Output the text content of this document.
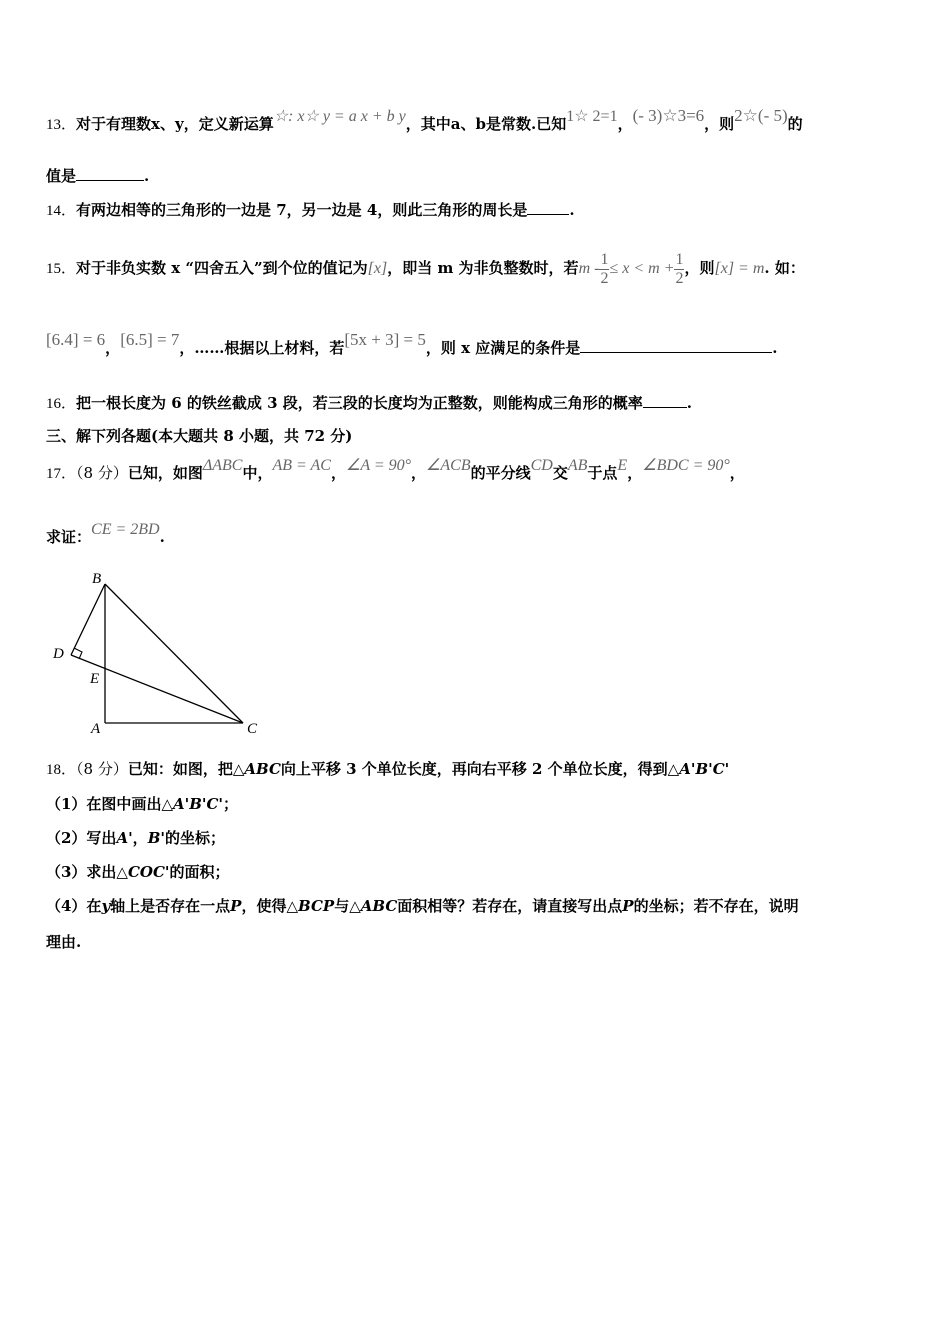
13．对于有理数x、y，定义新运算☆: x☆ y = a x + b y，其中a、b是常数.已知1☆ 2=1，(- 3)☆3=6，则2☆(- 5)的
值是	.
14．有两边相等的三角形的一边是 7，另一边是 4，则此三角形的周长是	.
15．对于非负实数 x “四舍五入”到个位的值记为[x]，即当 m 为非负整数时，若$m - \frac{1}{2} \le x < m + \frac{1}{2}$ ，则[x] = m. 如：
[6.4] = 6，[6.5] = 7，……根据以上材料，若[5x + 3] = 5，则 x 应满足的条件是	.
16．把一根长度为 6 的铁丝截成 3 段，若三段的长度均为正整数，则能构成三角形的概率	.
三、解下列各题(本大题共 8 小题，共 72 分)
17．（8 分）已知，如图ΔABC中，AB = AC，∠A = 90°，∠ACB的平分线CD交AB于点E，∠BDC = 90°，
求证：CE = 2BD.
B
D
E
A	C
18．（8 分）已知：如图，把△ABC向上平移 3 个单位长度，再向右平移 2 个单位长度，得到△A'B'C'
（1）在图中画出△A'B'C'；
（2）写出A'，B'的坐标；
（3）求出△COC'的面积；
（4）在y轴上是否存在一点P，使得△BCP与△ABC面积相等？若存在，请直接写出点P的坐标；若不存在，说明
理由.
